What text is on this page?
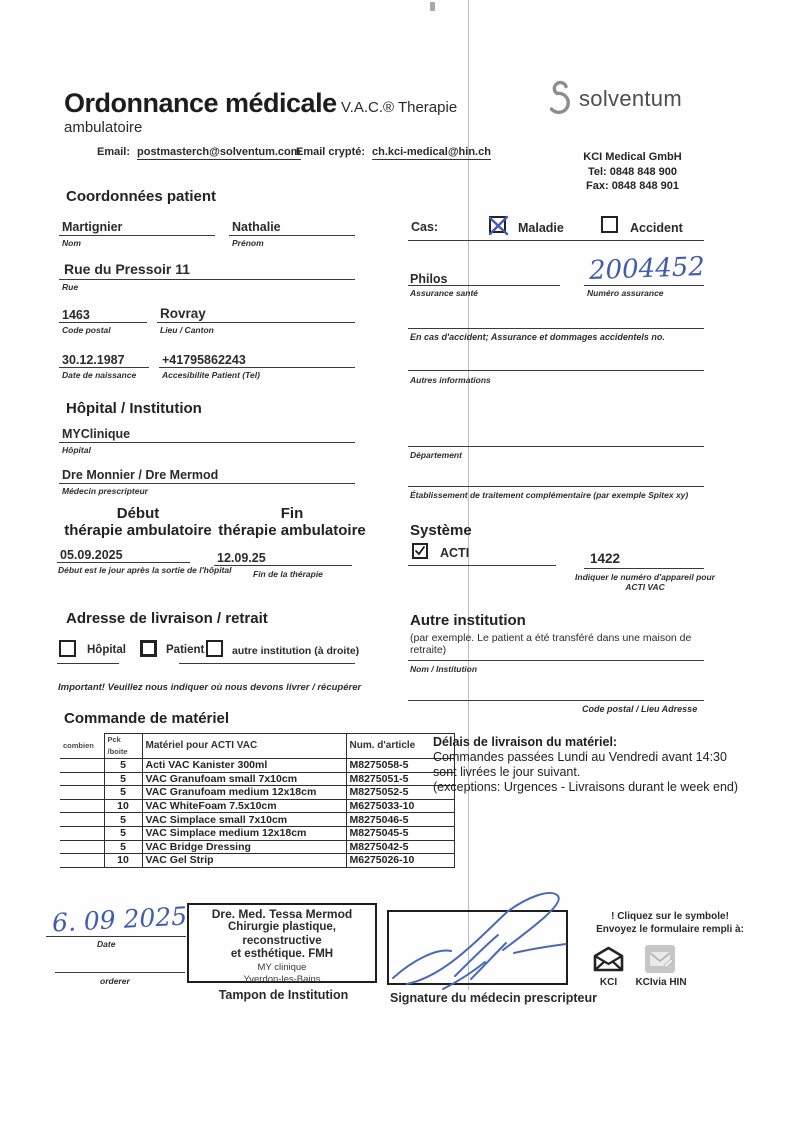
Ordonnance médicale V.A.C.® Therapie ambulatoire
Email: postmasterch@solventum.com
Email crypté: ch.kci-medical@hin.ch
solventum
KCI Medical GmbH
Tel: 0848 848 900
Fax: 0848 848 901
Coordonnées patient
Martignier
Nom
Nathalie
Prénom
Rue du Pressoir 11
Rue
1463
Code postal
Rovray
Lieu / Canton
30.12.1987
Date de naissance
+41795862243
Accesibilite Patient (Tel)
Cas:	Maladie	Accident
Philos
Assurance santé
2004452
Numéro assurance
En cas d'accident; Assurance et dommages accidentels no.
Autres informations
Hôpital / Institution
MYClinique
Hôpital
Dre Monnier / Dre Mermod
Médecin prescripteur
Début
thérapie ambulatoire
Fin
thérapie ambulatoire
05.09.2025
Début est le jour après la sortie de l'hôpital
12.09.25
Fin de la thérapie
Département
Établissement de traitement complémentaire (par exemple Spitex xy)
Système
ACTI	1422
Indiquer le numéro d'appareil pour
ACTI VAC
Adresse de livraison / retrait
Hôpital	Patient	autre institution (à droite)
Important! Veuillez nous indiquer où nous devons livrer / récupérer
Autre institution
(par exemple. Le patient a été transféré dans une maison de retraite)
Nom / Institution
Code postal / Lieu Adresse
Commande de matériel
combien	Pck /boite	Matériel pour ACTI VAC	Num. d'article
	5	Acti VAC Kanister 300ml	M8275058-5
	5	VAC Granufoam small 7x10cm	M8275051-5
	5	VAC Granufoam medium 12x18cm	M8275052-5
	10	VAC WhiteFoam 7.5x10cm	M6275033-10
	5	VAC Simplace small 7x10cm	M8275046-5
	5	VAC Simplace medium 12x18cm	M8275045-5
	5	VAC Bridge Dressing	M8275042-5
	10	VAC Gel Strip	M6275026-10
Délais de livraison du matériel:
Commandes passées Lundi au Vendredi avant 14:30
sont livrées le jour suivant.
(exceptions: Urgences - Livraisons durant le week end)
6. 09 2025
Date
orderer
Dre. Med. Tessa Mermod
Chirurgie plastique, reconstructive
et esthétique. FMH
MY clinique
Yverdon-les-Bains
Tampon de Institution	Signature du médecin prescripteur
! Cliquez sur le symbole!
Envoyez le formulaire rempli à:
KCI	KCIvia HIN
